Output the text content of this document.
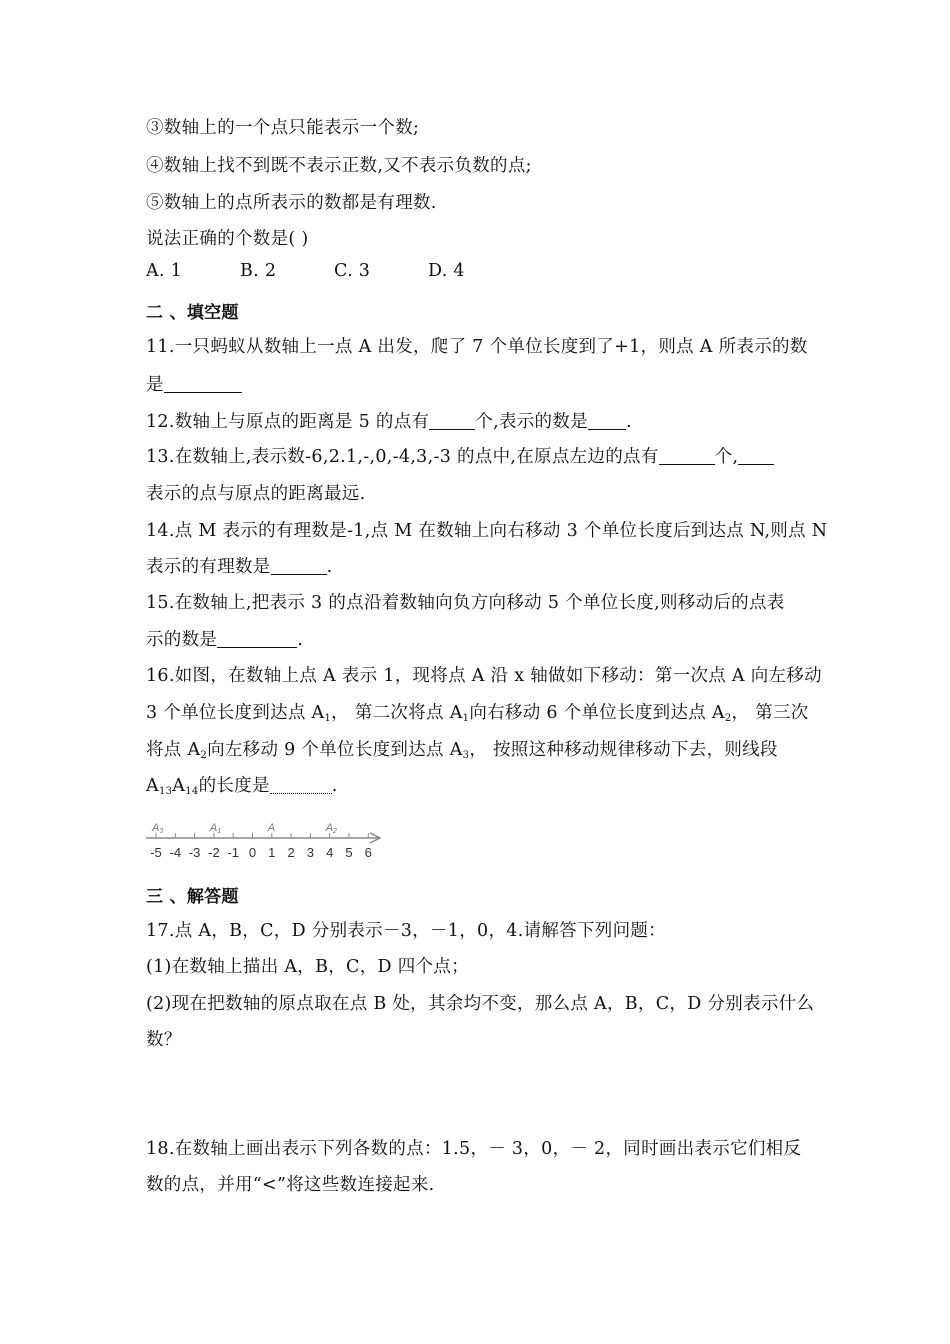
③数轴上的一个点只能表示一个数;
④数轴上找不到既不表示正数,又不表示负数的点;
⑤数轴上的点所表示的数都是有理数.
说法正确的个数是( )
A. 1	B. 2	C. 3	D. 4
二 、填空题
11.一只蚂蚁从数轴上一点 A 出发，爬了 7 个单位长度到了+1，则点 A 所表示的数
是
12.数轴上与原点的距离是 5 的点有	个,表示的数是 .
13.在数轴上,表示数-6,2.1,-,0,-4,3,-3 的点中,在原点左边的点有	个,
表示的点与原点的距离最远.
14.点 M 表示的有理数是-1,点 M 在数轴上向右移动 3 个单位长度后到达点 N,则点 N
表示的有理数是	.
15.在数轴上,把表示 3 的点沿着数轴向负方向移动 5 个单位长度,则移动后的点表
示的数是	.
16.如图，在数轴上点 A 表示 1，现将点 A 沿 x 轴做如下移动：第一次点 A 向左移动
3 个单位长度到达点 $A_1$， 第二次将点 $A_1$向右移动 6 个单位长度到达点 $A_2$， 第三次
将点 $A_2$向左移动 9 个单位长度到达点 $A_3$， 按照这种移动规律移动下去，则线段
$A_{13}A_{14}$的长度是	.
-5 -4 -3 -2 -1 0 1 2 3 4 5 6
A3	A1	A	A2
三 、解答题
17.点 A，B，C，D 分别表示－3，－1，0，4.请解答下列问题：
(1)在数轴上描出 A，B，C，D 四个点；
(2)现在把数轴的原点取在点 B 处，其余均不变，那么点 A，B，C，D 分别表示什么
数？
18.在数轴上画出表示下列各数的点：1.5，－ 3，0，－ 2，同时画出表示它们相反
数的点，并用“<”将这些数连接起来.
